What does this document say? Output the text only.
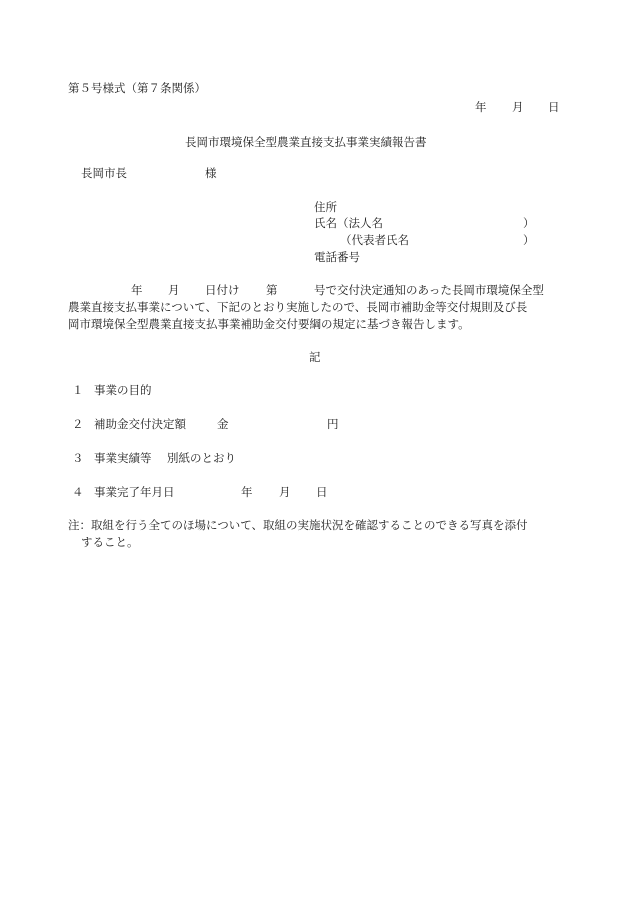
第５号様式（第７条関係）
年 月 日
長岡市環境保全型農業直接支払事業実績報告書
長岡市長	様
住所
氏名（法人名	）
（代表者氏名	）
電話番号
年 月 日付け 第	号で交付決定通知のあった長岡市環境保全型
農業直接支払事業について、下記のとおり実施したので、長岡市補助金等交付規則及び長
岡市環境保全型農業直接支払事業補助金交付要綱の規定に基づき報告します。
記
１ 事業の目的
２ 補助金交付決定額	金	円
３ 事業実績等 別紙のとおり
４ 事業完了年月日	年 月 日
注：取組を行う全てのほ場について、取組の実施状況を確認することのできる写真を添付
すること。
